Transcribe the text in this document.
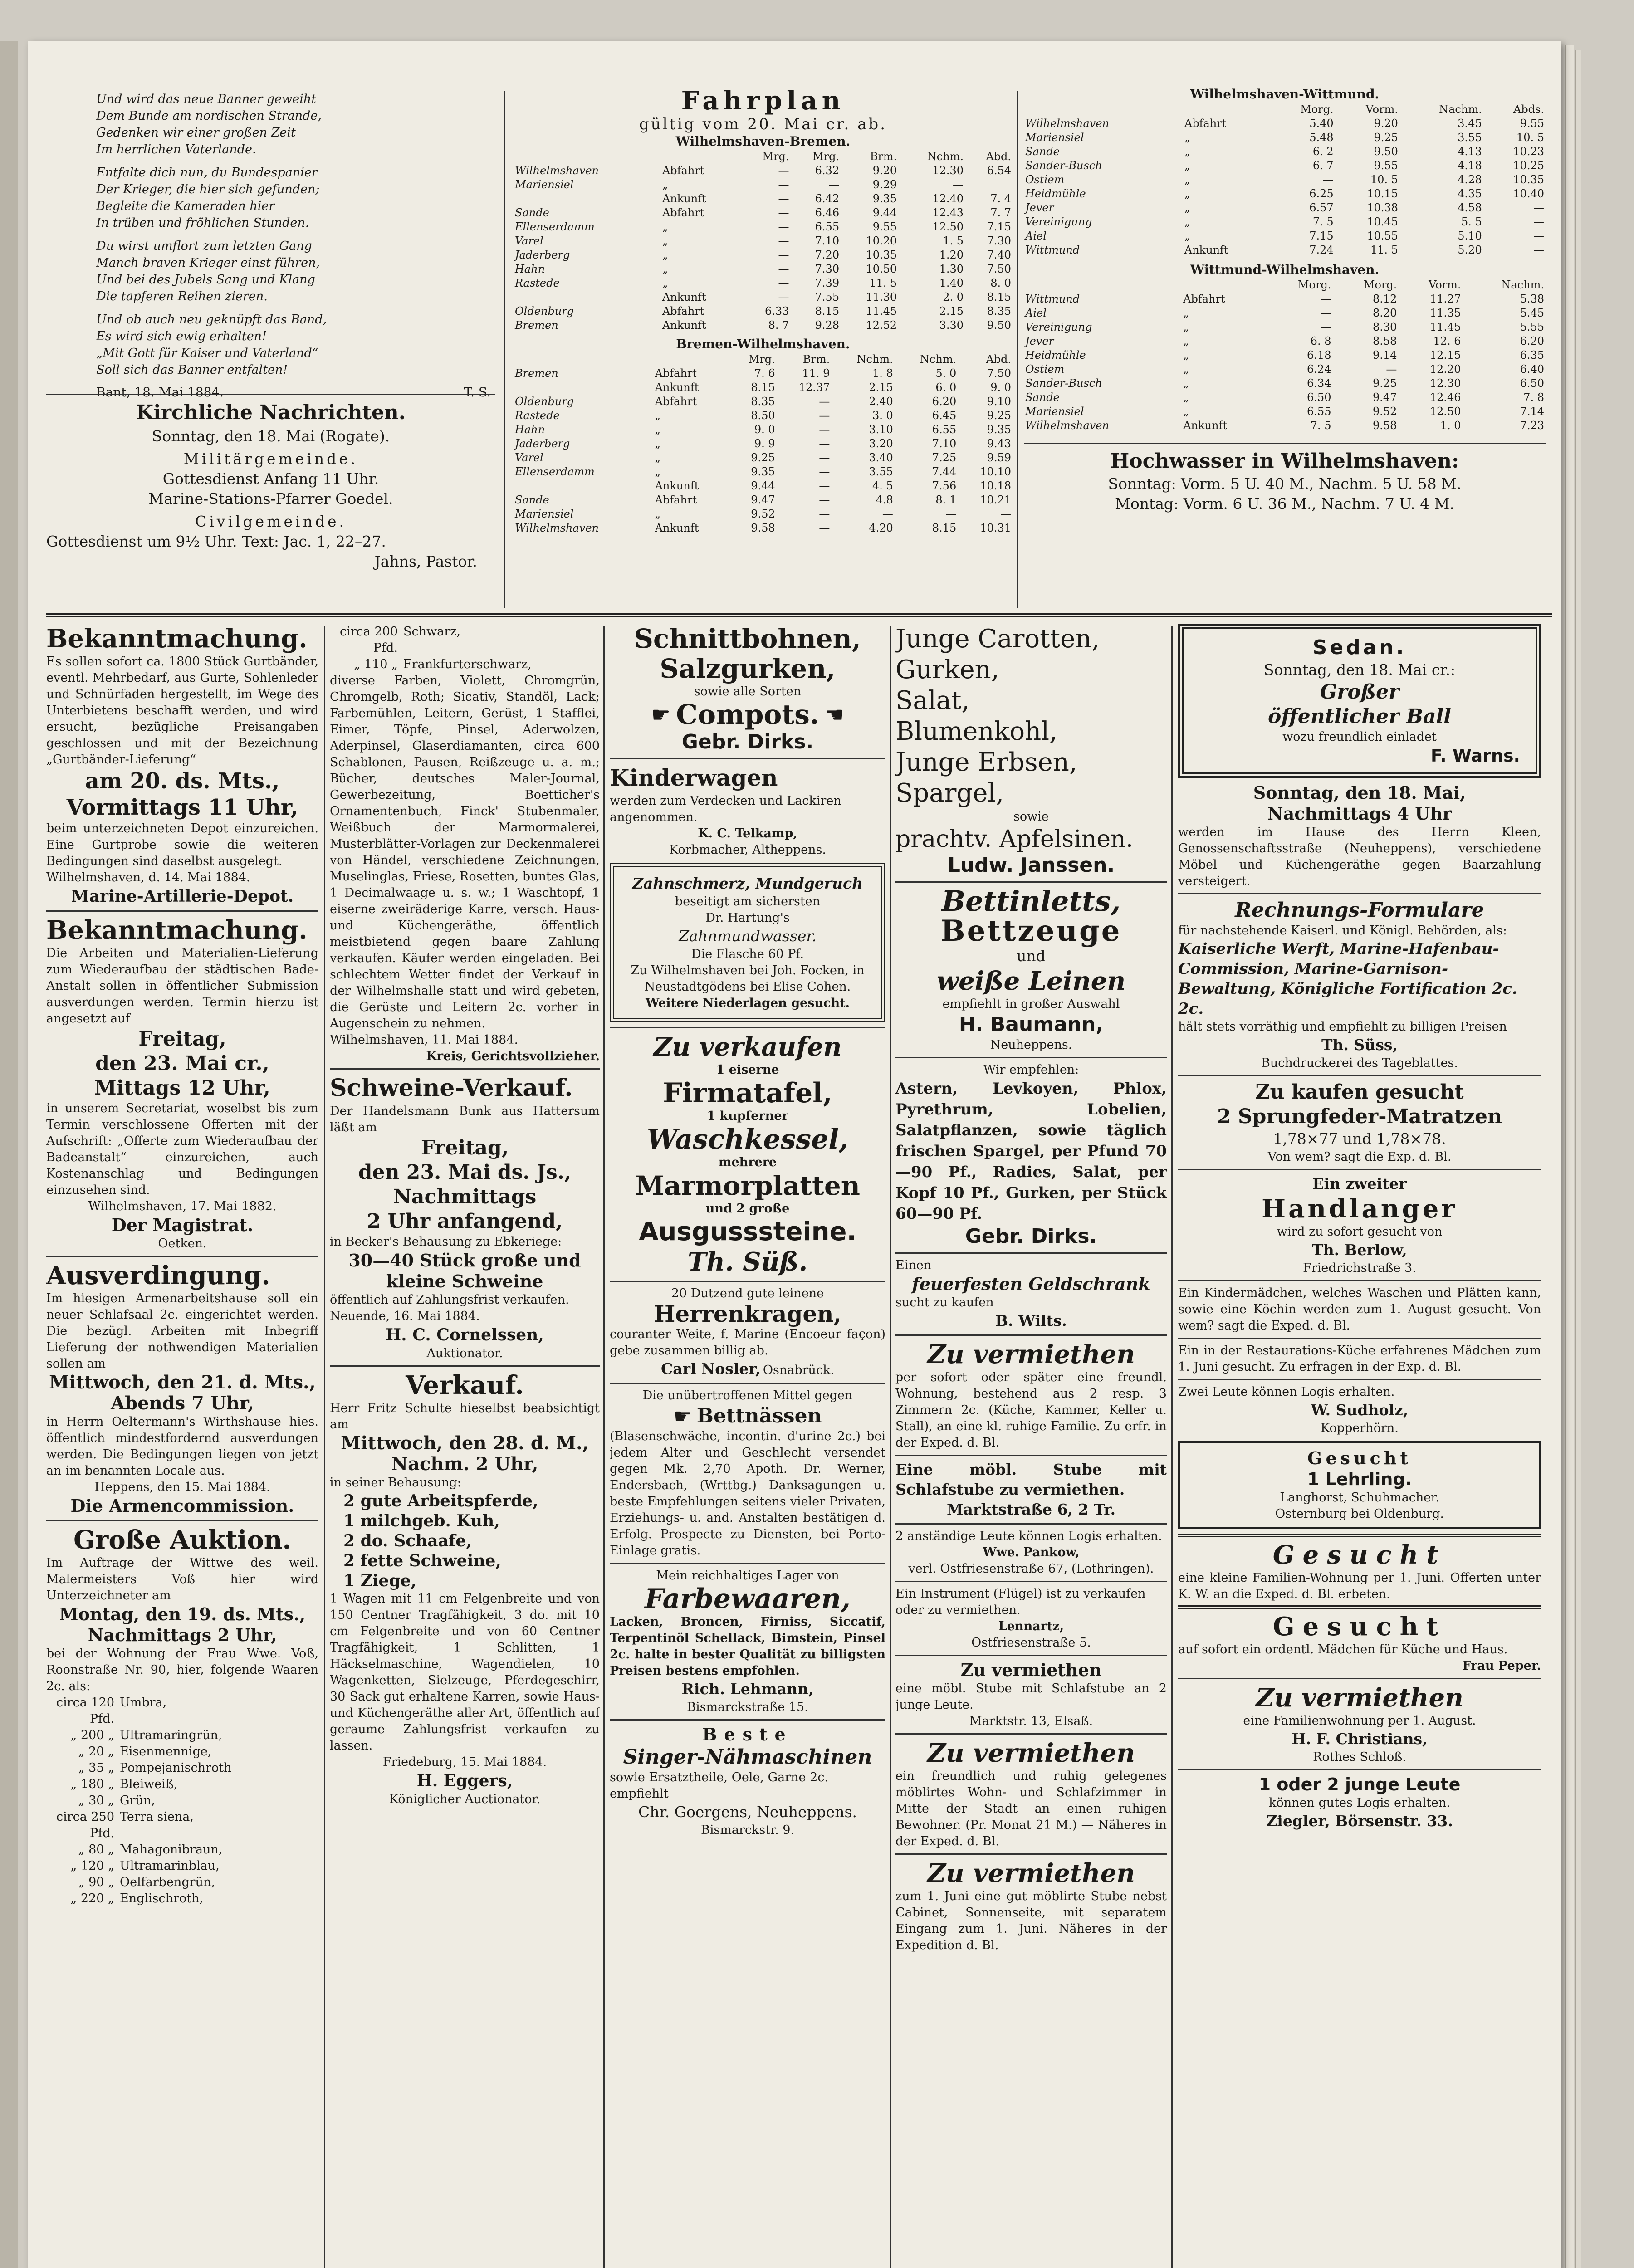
Und wird das neue Banner geweiht
Dem Bunde am nordischen Strande,
Gedenken wir einer großen Zeit
Im herrlichen Vaterlande.

Entfalte dich nun, du Bundespanier
Der Krieger, die hier sich gefunden;
Begleite die Kameraden hier
In trüben und fröhlichen Stunden.

Du wirst umflort zum letzten Gang
Manch braven Krieger einst führen,
Und bei des Jubels Sang und Klang
Die tapferen Reihen zieren.

Und ob auch neu geknüpft das Band,
Es wird sich ewig erhalten!
„Mit Gott für Kaiser und Vaterland“
Soll sich das Banner entfalten!

Bant, 18. Mai 1884.	T. S.
Kirchliche Nachrichten.
Sonntag, den 18. Mai (Rogate).
Militärgemeinde.
Gottesdienst Anfang 11 Uhr.
Marine-Stations-Pfarrer Goedel.
Civilgemeinde.
Gottesdienst um 9½ Uhr. Text: Jac. 1, 22–27.
Jahns, Pastor.
Fahrplan
gültig vom 20. Mai cr. ab.
Wilhelmshaven-Bremen.
		Mrg.	Mrg.	Brm.	Nchm.	Abd.
Wilhelmshaven	Abfahrt	—	6.32	9.20	12.30	6.54
Mariensiel	„	—	—	9.29	—	
	Ankunft	—	6.42	9.35	12.40	7. 4
Sande	Abfahrt	—	6.46	9.44	12.43	7. 7
Ellenserdamm	„	—	6.55	9.55	12.50	7.15
Varel	„	—	7.10	10.20	1. 5	7.30
Jaderberg	„	—	7.20	10.35	1.20	7.40
Hahn	„	—	7.30	10.50	1.30	7.50
Rastede	„	—	7.39	11. 5	1.40	8. 0
	Ankunft	—	7.55	11.30	2. 0	8.15
Oldenburg	Abfahrt	6.33	8.15	11.45	2.15	8.35
Bremen	Ankunft	8. 7	9.28	12.52	3.30	9.50
Bremen-Wilhelmshaven.
		Mrg.	Brm.	Nchm.	Nchm.	Abd.
Bremen	Abfahrt	7. 6	11. 9	1. 8	5. 0	7.50
	Ankunft	8.15	12.37	2.15	6. 0	9. 0
Oldenburg	Abfahrt	8.35	—	2.40	6.20	9.10
Rastede	„	8.50	—	3. 0	6.45	9.25
Hahn	„	9. 0	—	3.10	6.55	9.35
Jaderberg	„	9. 9	—	3.20	7.10	9.43
Varel	„	9.25	—	3.40	7.25	9.59
Ellenserdamm	„	9.35	—	3.55	7.44	10.10
	Ankunft	9.44	—	4. 5	7.56	10.18
Sande	Abfahrt	9.47	—	4.8	8. 1	10.21
Mariensiel	„	9.52	—	—	—	—
Wilhelmshaven	Ankunft	9.58	—	4.20	8.15	10.31
Wilhelmshaven-Wittmund.
		Morg.	Vorm.	Nachm.	Abds.
Wilhelmshaven	Abfahrt	5.40	9.20	3.45	9.55
Mariensiel	„	5.48	9.25	3.55	10. 5
Sande	„	6. 2	9.50	4.13	10.23
Sander-Busch	„	6. 7	9.55	4.18	10.25
Ostiem	„	—	10. 5	4.28	10.35
Heidmühle	„	6.25	10.15	4.35	10.40
Jever	„	6.57	10.38	4.58	—
Vereinigung	„	7. 5	10.45	5. 5	—
Aiel	„	7.15	10.55	5.10	—
Wittmund	Ankunft	7.24	11. 5	5.20	—
Wittmund-Wilhelmshaven.
		Morg.	Morg.	Vorm.	Nachm.
Wittmund	Abfahrt	—	8.12	11.27	5.38
Aiel	„	—	8.20	11.35	5.45
Vereinigung	„	—	8.30	11.45	5.55
Jever	„	6. 8	8.58	12. 6	6.20
Heidmühle	„	6.18	9.14	12.15	6.35
Ostiem	„	6.24	—	12.20	6.40
Sander-Busch	„	6.34	9.25	12.30	6.50
Sande	„	6.50	9.47	12.46	7. 8
Mariensiel	„	6.55	9.52	12.50	7.14
Wilhelmshaven	Ankunft	7. 5	9.58	1. 0	7.23
Hochwasser in Wilhelmshaven:
Sonntag: Vorm. 5 U. 40 M., Nachm. 5 U. 58 M.
Montag: Vorm. 6 U. 36 M., Nachm. 7 U. 4 M.
Bekanntmachung.
Es sollen sofort ca. 1800 Stück Gurtbänder, eventl. Mehrbedarf, aus Gurte, Sohlenleder und Schnürfaden hergestellt, im Wege des Unterbietens beschafft werden, und wird ersucht, bezügliche Preisangaben geschlossen und mit der Bezeichnung „Gurtbänder-Lieferung“
am 20. ds. Mts., Vormittags 11 Uhr,
beim unterzeichneten Depot einzureichen. Eine Gurtprobe sowie die weiteren Bedingungen sind daselbst ausgelegt.
Wilhelmshaven, d. 14. Mai 1884.
Marine-Artillerie-Depot.
Bekanntmachung.
Die Arbeiten und Materialien-Lieferung zum Wiederaufbau der städtischen Bade-Anstalt sollen in öffentlicher Submission ausverdungen werden. Termin hierzu ist angesetzt auf
Freitag,
den 23. Mai cr.,
Mittags 12 Uhr,
in unserem Secretariat, woselbst bis zum Termin verschlossene Offerten mit der Aufschrift: „Offerte zum Wiederaufbau der Badeanstalt“ einzureichen, auch Kostenanschlag und Bedingungen einzusehen sind.
Wilhelmshaven, 17. Mai 1882.
Der Magistrat.
Oetken.
Ausverdingung.
Im hiesigen Armenarbeitshause soll ein neuer Schlafsaal 2c. eingerichtet werden. Die bezügl. Arbeiten mit Inbegriff Lieferung der nothwendigen Materialien sollen am
Mittwoch, den 21. d. Mts.,
Abends 7 Uhr,
in Herrn Oeltermann's Wirthshause hies. öffentlich mindestfordernd ausverdungen werden. Die Bedingungen liegen von jetzt an im benannten Locale aus.
Heppens, den 15. Mai 1884.
Die Armencommission.
Große Auktion.
Im Auftrage der Wittwe des weil. Malermeisters Voß hier wird Unterzeichneter am
Montag, den 19. ds. Mts.,
Nachmittags 2 Uhr,
bei der Wohnung der Frau Wwe. Voß, Roonstraße Nr. 90, hier, folgende Waaren 2c. als:
circa 120 Pfd.
Umbra,
„ 200 „ Ultramaringrün,
„ 20 „ Eisenmennige,
„ 35 „ Pompejanischroth
„ 180 „ Bleiweiß,
„ 30 „ Grün,
circa 250 Pfd.
Terra siena,
„ 80 „ Mahagonibraun,
„ 120 „ Ultramarinblau,
„ 90 „ Oelfarbengrün,
„ 220 „ Englischroth,
circa 200 Pfd.
Schwarz,
„ 110 „ Frankfurterschwarz,
diverse Farben, Violett, Chromgrün, Chromgelb, Roth; Sicativ, Standöl, Lack; Farbemühlen, Leitern, Gerüst, 1 Stafflei, Eimer, Töpfe, Pinsel, Aderwolzen, Aderpinsel, Glaserdiamanten, circa 600 Schablonen, Pausen, Reißzeuge u. a. m.; Bücher, deutsches Maler-Journal, Gewerbezeitung, Boetticher's Ornamentenbuch, Finck' Stubenmaler, Weißbuch der Marmormalerei, Musterblätter-Vorlagen zur Deckenmalerei von Händel, verschiedene Zeichnungen, Muselinglas, Friese, Rosetten, buntes Glas, 1 Decimalwaage u. s. w.; 1 Waschtopf, 1 eiserne zweiräderige Karre, versch. Haus- und Küchengeräthe, öffentlich meistbietend gegen baare Zahlung verkaufen. Käufer werden eingeladen. Bei schlechtem Wetter findet der Verkauf in der Wilhelmshalle statt und wird gebeten, die Gerüste und Leitern 2c. vorher in Augenschein zu nehmen.
Wilhelmshaven, 11. Mai 1884.
Kreis, Gerichtsvollzieher.
Schweine-Verkauf.
Der Handelsmann Bunk aus Hattersum läßt am
Freitag,
den 23. Mai ds. Js.,
Nachmittags
2 Uhr anfangend,
in Becker's Behausung zu Ebkeriege:
30—40 Stück große und kleine Schweine
öffentlich auf Zahlungsfrist verkaufen.
Neuende, 16. Mai 1884.
H. C. Cornelssen,
Auktionator.
Verkauf.
Herr Fritz Schulte hieselbst beabsichtigt am
Mittwoch, den 28. d. M.,
Nachm. 2 Uhr,
in seiner Behausung:
2 gute Arbeitspferde,
1 milchgeb. Kuh,
2 do. Schaafe,
2 fette Schweine,
1 Ziege,
1 Wagen mit 11 cm Felgenbreite und von 150 Centner Tragfähigkeit, 3 do. mit 10 cm Felgenbreite und von 60 Centner Tragfähigkeit, 1 Schlitten, 1 Häckselmaschine, Wagendielen, 10 Wagenketten, Sielzeuge, Pferdegeschirr, 30 Sack gut erhaltene Karren, sowie Haus- und Küchengeräthe aller Art, öffentlich auf geraume Zahlungsfrist verkaufen zu lassen.
Friedeburg, 15. Mai 1884.
H. Eggers,
Königlicher Auctionator.
Schnittbohnen,
Salzgurken,
sowie alle Sorten
☛ Compots. ☛
Gebr. Dirks.
Kinderwagen
werden zum Verdecken und Lackiren angenommen.
K. C. Telkamp,
Korbmacher, Altheppens.
Zahnschmerz, Mundgeruch
beseitigt am sichersten
Dr. Hartung's
Zahnmundwasser.
Die Flasche 60 Pf.
Zu Wilhelmshaven bei Joh. Focken, in Neustadtgödens bei Elise Cohen.
Weitere Niederlagen gesucht.
Zu verkaufen
1 eiserne
Firmatafel,
1 kupferner
Waschkessel,
mehrere
Marmorplatten
und 2 große
Ausgusssteine.
Th. Süß.
20 Dutzend gute leinene
Herrenkragen,
couranter Weite, f. Marine (Encoeur façon) gebe zusammen billig ab.
Carl Nosler, Osnabrück.
Die unübertroffenen Mittel gegen
☛ Bettnässen
(Blasenschwäche, incontin. d'urine 2c.) bei jedem Alter und Geschlecht versendet gegen Mk. 2,70 Apoth. Dr. Werner, Endersbach, (Wrttbg.) Danksagungen u. beste Empfehlungen seitens vieler Privaten, Erziehungs- u. and. Anstalten bestätigen d. Erfolg. Prospecte zu Diensten, bei Porto-Einlage gratis.
Mein reichhaltiges Lager von
Farbewaaren,
Lacken, Broncen, Firniss, Siccatif, Terpentinöl Schellack, Bimstein, Pinsel 2c. halte in bester Qualität zu billigsten Preisen bestens empfohlen.
Rich. Lehmann,
Bismarckstraße 15.
Beste
Singer-Nähmaschinen
sowie Ersatztheile, Oele, Garne 2c. empfiehlt
Chr. Goergens, Neuheppens.
Bismarckstr. 9.
Junge Carotten,
Gurken,
Salat,
Blumenkohl,
Junge Erbsen,
Spargel,
sowie
prachtv. Apfelsinen.
Ludw. Janssen.
Bettinletts,
Bettzeuge
und
weiße Leinen
empfiehlt in großer Auswahl
H. Baumann,
Neuheppens.
Wir empfehlen:
Astern, Levkoyen, Phlox, Pyrethrum, Lobelien, Salatpflanzen, sowie täglich frischen Spargel, per Pfund 70—90 Pf., Radies, Salat, per Kopf 10 Pf., Gurken, per Stück 60—90 Pf.
Gebr. Dirks.
Einen
feuerfesten Geldschrank
sucht zu kaufen
B. Wilts.
Zu vermiethen
per sofort oder später eine freundl. Wohnung, bestehend aus 2 resp. 3 Zimmern 2c. (Küche, Kammer, Keller u. Stall), an eine kl. ruhige Familie. Zu erfr. in der Exped. d. Bl.
Eine möbl. Stube mit Schlafstube zu vermiethen.
Marktstraße 6, 2 Tr.
2 anständige Leute können Logis erhalten.
Wwe. Pankow,
verl. Ostfriesenstraße 67, (Lothringen).
Ein Instrument (Flügel) ist zu verkaufen oder zu vermiethen.
Lennartz,
Ostfriesenstraße 5.
Zu vermiethen
eine möbl. Stube mit Schlafstube an 2 junge Leute.
Marktstr. 13, Elsaß.
Zu vermiethen
ein freundlich und ruhig gelegenes möblirtes Wohn- und Schlafzimmer in Mitte der Stadt an einen ruhigen Bewohner. (Pr. Monat 21 M.) — Näheres in der Exped. d. Bl.
Zu vermiethen
zum 1. Juni eine gut möblirte Stube nebst Cabinet, Sonnenseite, mit separatem Eingang zum 1. Juni. Näheres in der Expedition d. Bl.
Sedan.
Sonntag, den 18. Mai cr.:
Großer
öffentlicher Ball
wozu freundlich einladet
F. Warns.
Sonntag, den 18. Mai,
Nachmittags 4 Uhr
werden im Hause des Herrn Kleen, Genossenschaftsstraße (Neuheppens), verschiedene Möbel und Küchengeräthe gegen Baarzahlung versteigert.
Rechnungs-Formulare
für nachstehende Kaiserl. und Königl. Behörden, als:
Kaiserliche Werft, Marine-Hafenbau-Commission, Marine-Garnison-Bewaltung, Königliche Fortification 2c. 2c.
hält stets vorräthig und empfiehlt zu billigen Preisen
Th. Süss,
Buchdruckerei des Tageblattes.
Zu kaufen gesucht
2 Sprungfeder-Matratzen
1,78×77 und 1,78×78.
Von wem? sagt die Exp. d. Bl.
Ein zweiter
Handlanger
wird zu sofort gesucht von
Th. Berlow,
Friedrichstraße 3.
Ein Kindermädchen, welches Waschen und Plätten kann, sowie eine Köchin werden zum 1. August gesucht. Von wem? sagt die Exped. d. Bl.
Ein in der Restaurations-Küche erfahrenes Mädchen zum 1. Juni gesucht. Zu erfragen in der Exp. d. Bl.
Zwei Leute können Logis erhalten.
W. Sudholz,
Kopperhörn.
Gesucht
1 Lehrling.
Langhorst, Schuhmacher.
Osternburg bei Oldenburg.
Gesucht
eine kleine Familien-Wohnung per 1. Juni. Offerten unter K. W. an die Exped. d. Bl. erbeten.
Gesucht
auf sofort ein ordentl. Mädchen für Küche und Haus.
Frau Peper.
Zu vermiethen
eine Familienwohnung per 1. August.
H. F. Christians,
Rothes Schloß.
1 oder 2 junge Leute
können gutes Logis erhalten.
Ziegler, Börsenstr. 33.
